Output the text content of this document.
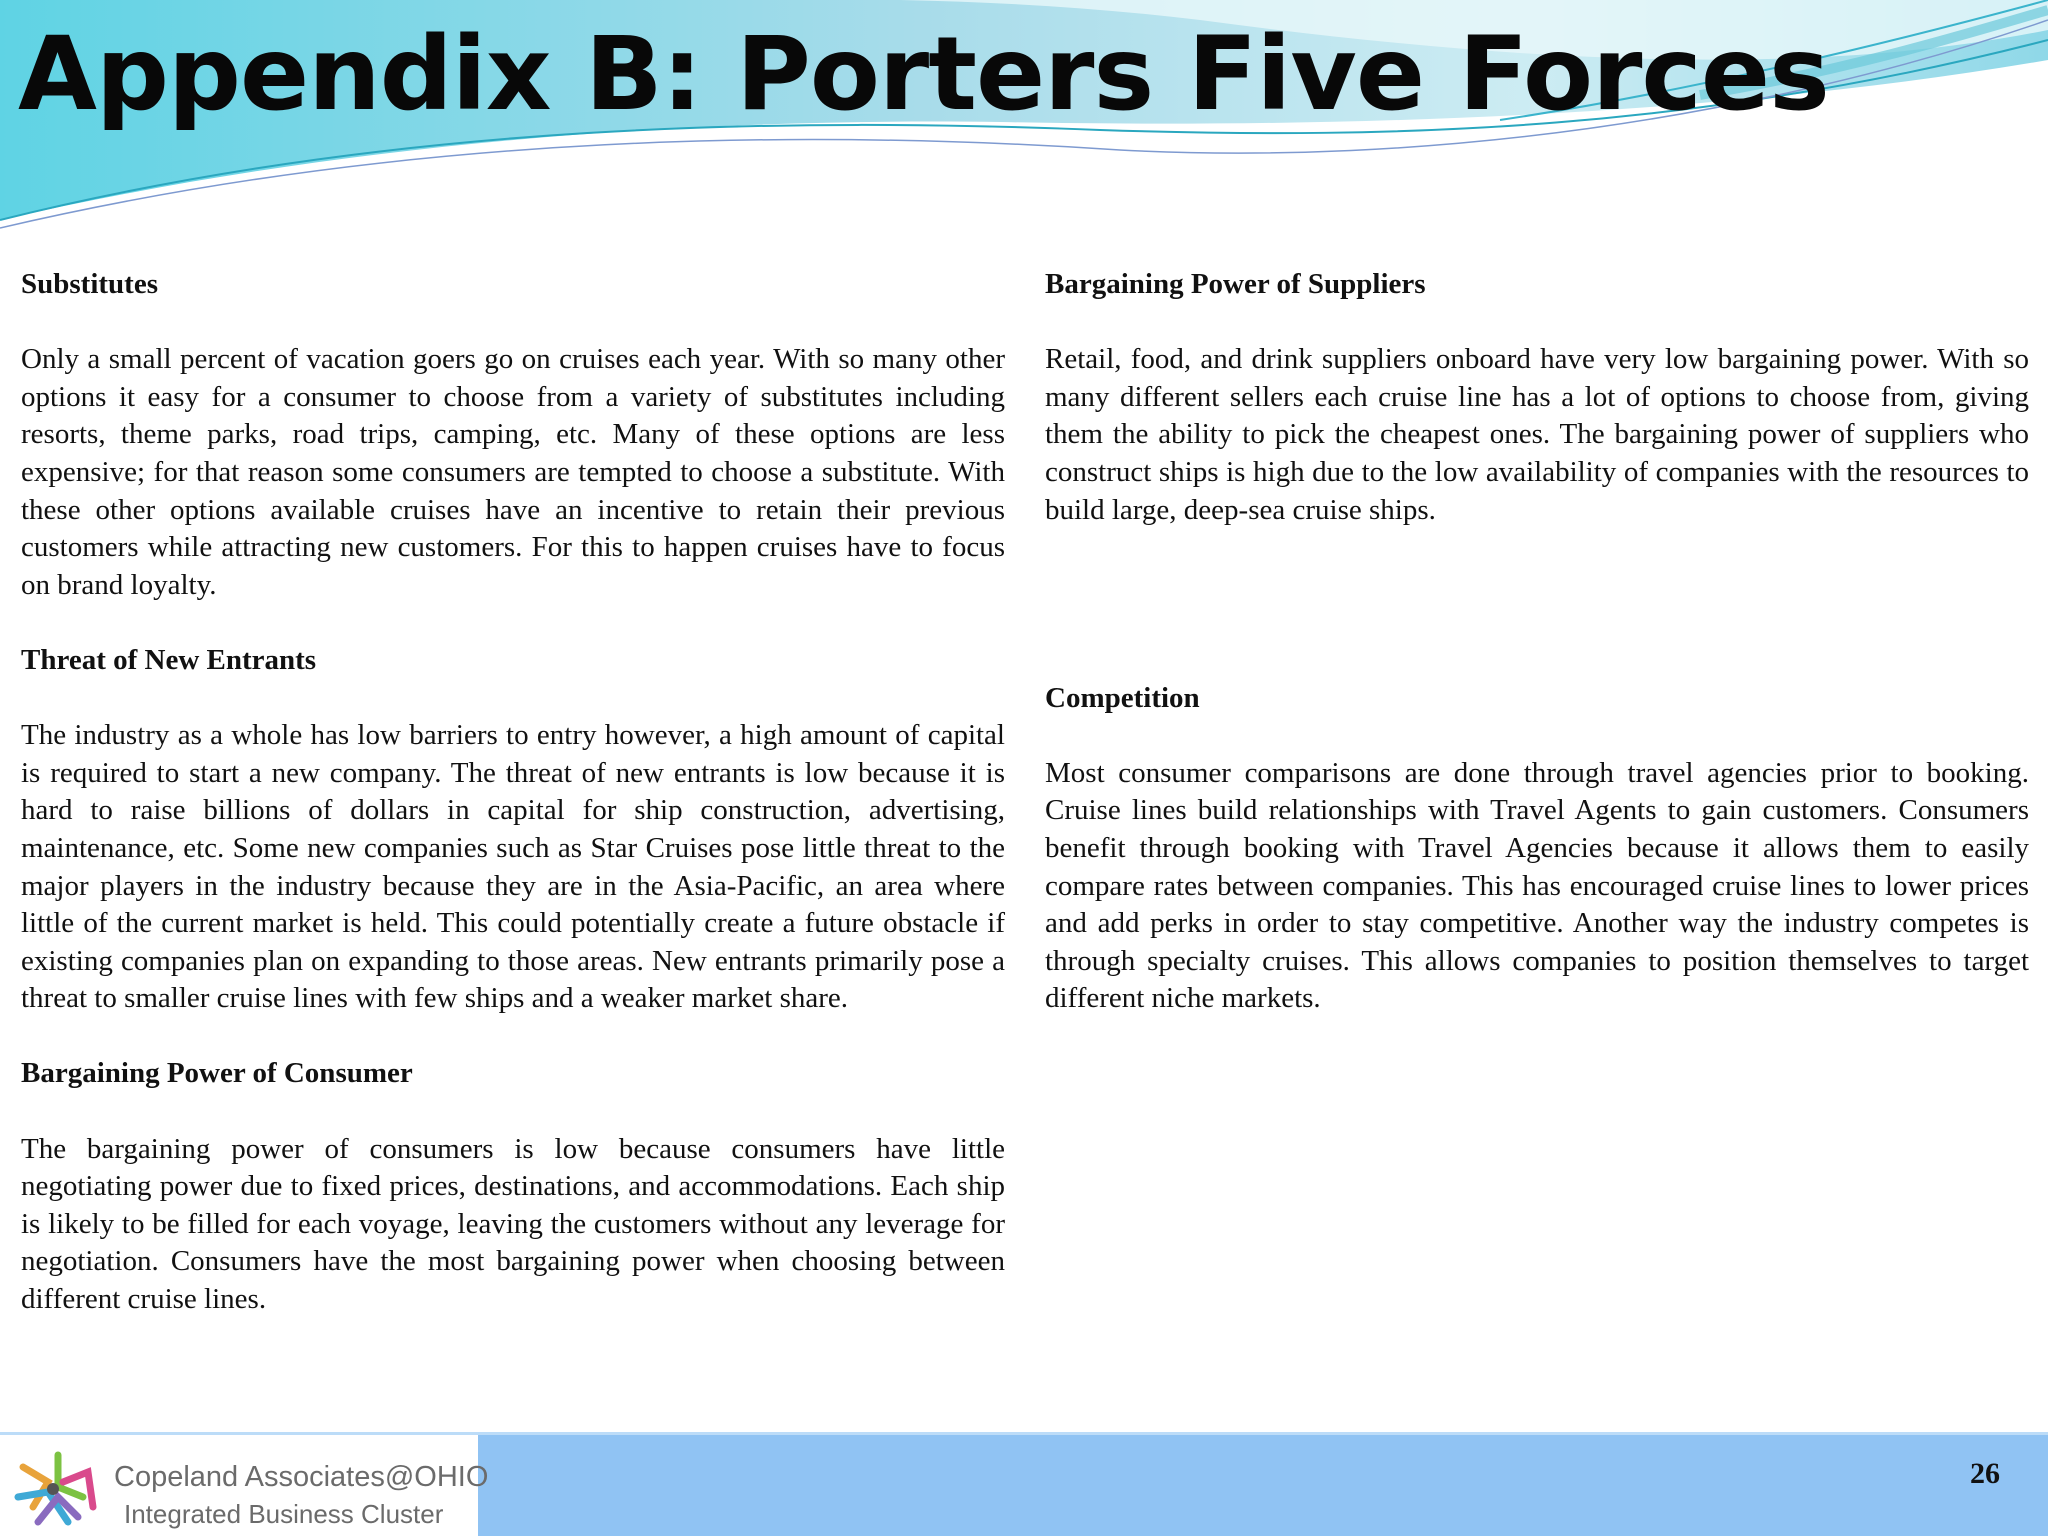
Appendix B: Porters Five Forces

Substitutes

Only a small percent of vacation goers go on cruises each year. With so many other options it easy for a consumer to choose from a variety of substitutes including resorts, theme parks, road trips, camping, etc. Many of these options are less expensive; for that reason some consumers are tempted to choose a substitute. With these other options available cruises have an incentive to retain their previous customers while attracting new customers. For this to happen cruises have to focus on brand loyalty.

Threat of New Entrants

The industry as a whole has low barriers to entry however, a high amount of capital is required to start a new company. The threat of new entrants is low because it is hard to raise billions of dollars in capital for ship construction, advertising, maintenance, etc. Some new companies such as Star Cruises pose little threat to the major players in the industry because they are in the Asia-Pacific, an area where little of the current market is held. This could potentially create a future obstacle if existing companies plan on expanding to those areas. New entrants primarily pose a threat to smaller cruise lines with few ships and a weaker market share.

Bargaining Power of Consumer

The bargaining power of consumers is low because consumers have little negotiating power due to fixed prices, destinations, and accommodations. Each ship is likely to be filled for each voyage, leaving the customers without any leverage for negotiation. Consumers have the most bargaining power when choosing between different cruise lines.

Bargaining Power of Suppliers

Retail, food, and drink suppliers onboard have very low bargaining power. With so many different sellers each cruise line has a lot of options to choose from, giving them the ability to pick the cheapest ones. The bargaining power of suppliers who construct ships is high due to the low availability of companies with the resources to build large, deep-sea cruise ships.

Competition

Most consumer comparisons are done through travel agencies prior to booking. Cruise lines build relationships with Travel Agents to gain customers. Consumers benefit through booking with Travel Agencies because it allows them to easily compare rates between companies. This has encouraged cruise lines to lower prices and add perks in order to stay competitive. Another way the industry competes is through specialty cruises. This allows companies to position themselves to target different niche markets.

Copeland Associates@OHIO
Integrated Business Cluster
26
